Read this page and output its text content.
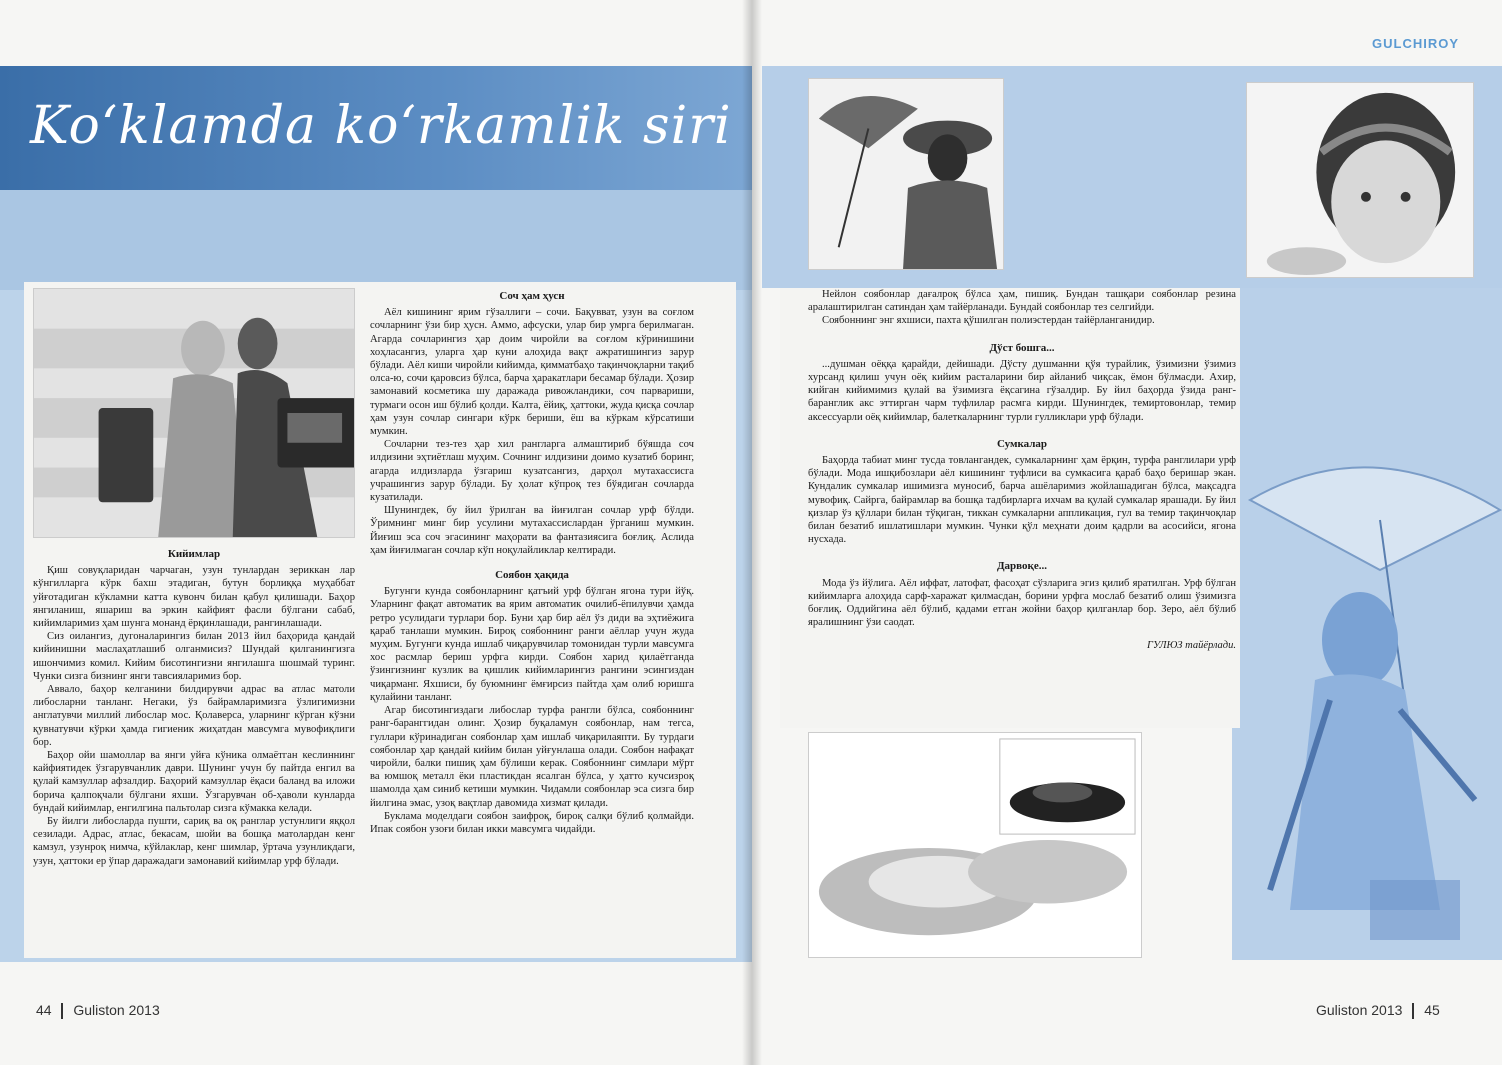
Ko‘klamda ko‘rkamlik siri
Кийимлар

Қиш совуқларидан чарчаган, узун тунлардан зериккан лар кўнгилларга кўрк бахш этадиган, бутун борлиққа муҳаббат уйғотадиган кўкламни катта кувонч билан қабул қилишади. Баҳор янгиланиш, яшариш ва эркин кайфият фасли бўлгани сабаб, кийимларимиз ҳам шунга монанд ёрқинлашади, рангинлашади.

Сиз оилангиз, дугоналарингиз билан 2013 йил баҳорида қандай кийинишни маслаҳатлашиб олганмисиз? Шундай қилганингизга ишончимиз комил. Кийим бисотингизни янгилашга шошмай туринг. Чунки сизга бизнинг янги тавсияларимиз бор.

Аввало, баҳор келганини билдирувчи адрас ва атлас матоли либосларни танланг. Негаки, ўз байрамларимизга ўзлигимизни англатувчи миллий либослар мос. Қолаверса, уларнинг кўрган кўзни қувнатувчи кўрки ҳамда гигиеник жиҳатдан мавсумга мувофиқлиги бор.

Баҳор ойи шамоллар ва янги уйға кўника олмаётган кеслиннинг кайфиятидек ўзгарувчанлик даври. Шунинг учун бу пайтда енгил ва қулай камзуллар афзалдир. Баҳорий камзуллар ёқаси баланд ва иложи борича қалпоқчали бўлгани яхши. Ўзгарувчан об-ҳаволи кунларда бундай кийимлар, енгилгина пальтолар сизга кўмакка келади.

Бу йилги либосларда пушти, сариқ ва оқ ранглар устунлиги яққол сезилади. Адрас, атлас, бекасам, шойи ва бошқа матолардан кенг камзул, узунроқ нимча, кўйлаклар, кенг шимлар, ўртача узунликдаги, узун, ҳаттоки ер ўпар даражадаги замонавий кийимлар урф бўлади.

Соч ҳам ҳусн

Аёл кишининг ярим гўзаллиги – сочи. Бақувват, узун ва соғлом сочларнинг ўзи бир ҳусн. Аммо, афсуски, улар бир умрга берилмаган. Агарда сочларингиз ҳар доим чиройли ва соғлом кўринишини хоҳласангиз, уларга ҳар куни алоҳида вақт ажратишингиз зарур бўлади. Аёл киши чиройли кийимда, қимматбаҳо тақинчоқларни тақиб олса-ю, сочи қаровсиз бўлса, барча ҳаракатлари бесамар бўлади. Ҳозир замонавий косметика шу даражада ривожландики, соч парвариши, турмаги осон иш бўлиб қолди. Калта, ёйиқ, ҳаттоки, жуда қисқа сочлар ҳам узун сочлар сингари кўрк бериши, ёш ва кўркам кўрсатиши мумкин.

Сочларни тез-тез ҳар хил рангларга алмаштириб бўяшда соч илдизини эҳтиётлаш муҳим. Сочнинг илдизини доимо кузатиб боринг, агарда илдизларда ўзгариш кузатсангиз, дарҳол мутахассисга учрашингиз зарур бўлади. Бу ҳолат кўпроқ тез бўядиган сочларда кузатилади.

Шунингдек, бу йил ўрилган ва йиғилган сочлар урф бўлди. Ўримнинг минг бир усулини мутахассислардан ўрганиш мумкин. Йиғиш эса соч эгасининг маҳорати ва фантазиясига боғлиқ. Аслида ҳам йиғилмаган сочлар кўп ноқулайликлар келтиради.

Соябон ҳақида

Бугунги кунда соябонларнинг қатъий урф бўлган ягона тури йўқ. Уларнинг фақат автоматик ва ярим автоматик очилиб-ёпилувчи ҳамда ретро усулидаги турлари бор. Буни ҳар бир аёл ўз диди ва эҳтиёжига қараб танлаши мумкин. Бироқ соябоннинг ранги аёллар учун жуда муҳим. Бугунги кунда ишлаб чиқарувчилар томонидан турли мавсумга хос расмлар бериш урфга кирди. Соябон харид қилаётганда ўзингизнинг кузлик ва қишлик кийимларингиз рангини эсингиздан чиқарманг. Яхшиси, бу буюмнинг ёмғирсиз пайтда ҳам олиб юришга қулайини танланг.

Агар бисотингиздаги либослар турфа рангли бўлса, соябоннинг ранг-баранггидан олинг. Ҳозир буқаламун соябонлар, нам тегса, гуллари кўринадиган соябонлар ҳам ишлаб чиқарилаяпти. Бу турдаги соябонлар ҳар қандай кийим билан уйғунлаша олади. Соябон нафақат чиройли, балки пишиқ ҳам бўлиши керак. Соябоннинг симлари мўрт ва юмшоқ металл ёки пластикдан ясалган бўлса, у ҳатто кучсизроқ шамолда ҳам синиб кетиши мумкин. Чидамли соябонлар эса сизга бир йилгина эмас, узоқ вақтлар давомида хизмат қилади.

Буклама моделдаги соябон заифроқ, бироқ салқи бўлиб қолмайди. Ипак соябон узоғи билан икки мавсумга чидайди.

44 Guliston 2013
GULCHIROY

Нейлон соябонлар дағалроқ бўлса ҳам, пишиқ. Бундан ташқари соябонлар резина аралаштирилган сатиндан ҳам тайёрланади. Бундай соябонлар тез селгийди.

Соябоннинг энг яхшиси, пахта қўшилган полиэстердан тайёрланганидир.

Дўст бошга...

...душман оёққа қарайди, дейишади. Дўсту душманни қўя турайлик, ўзимизни ўзимиз хурсанд қилиш учун оёқ кийим расталарини бир айланиб чиқсак, ёмон бўлмасди. Ахир, кийган кийимимиз қулай ва ўзимизга ёқсагина гўзалдир. Бу йил баҳорда ўзида ранг-баранглик акс эттирган чарм туфлилар расмга кирди. Шунингдек, темиртовонлар, темир аксессуарли оёқ кийимлар, балеткаларнинг турли гулликлари урф бўлади.

Сумкалар

Баҳорда табиат минг тусда товлангандек, сумкаларнинг ҳам ёрқин, турфа ранглилари урф бўлади. Мода ишқибозлари аёл кишининг туфлиси ва сумкасига қараб баҳо беришар экан. Кундалик сумкалар ишимизга муносиб, барча ашёларимиз жойлашадиган бўлса, мақсадга мувофиқ. Сайрга, байрамлар ва бошқа тадбирларга ихчам ва қулай сумкалар ярашади. Бу йил қизлар ўз қўллари билан тўқиган, тиккан сумкаларни аппликация, гул ва темир тақинчоқлар билан безатиб ишлатишлари мумкин. Чунки қўл меҳнати доим қадрли ва асосийси, ягона нусхада.

Дарвоқе...

Мода ўз йўлига. Аёл иффат, латофат, фасоҳат сўзларига эгиз қилиб яратилган. Урф бўлган кийимларга алоҳида сарф-харажат қилмасдан, борини урфга мослаб безатиб олиш ўзимизга боғлиқ. Оддийгина аёл бўлиб, қадами етган жойни баҳор қилганлар бор. Зеро, аёл бўлиб яралишнинг ўзи саодат.

ГУЛЮЗ тайёрлади.
Guliston 2013 45
